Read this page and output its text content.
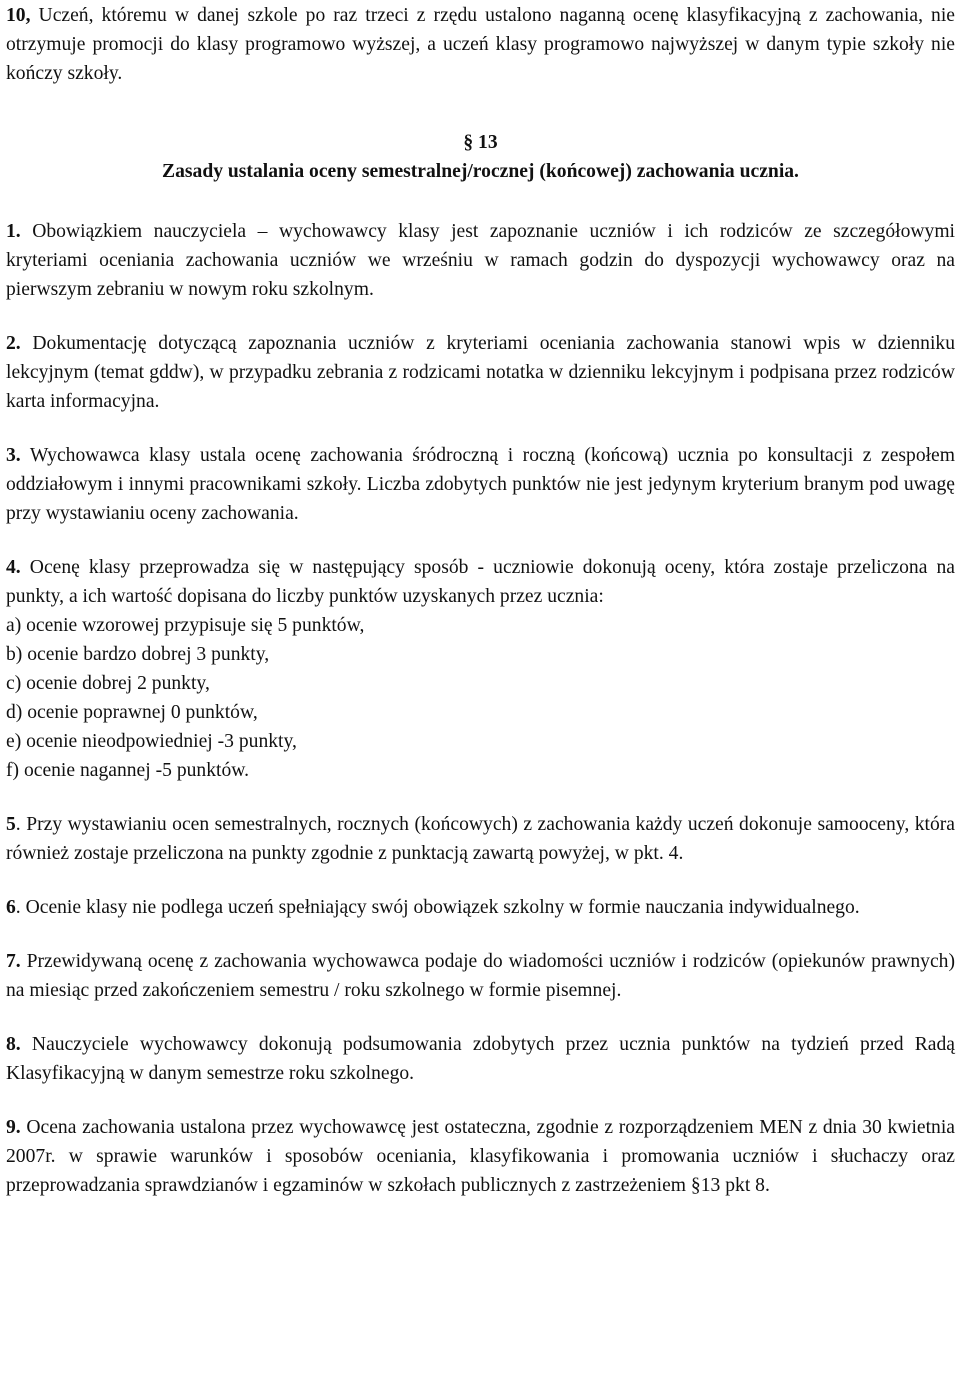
10, Uczeń, któremu w danej szkole po raz trzeci z rzędu ustalono naganną ocenę klasyfikacyjną z zachowania, nie otrzymuje promocji do klasy programowo wyższej, a uczeń klasy programowo najwyższej w danym typie szkoły nie kończy szkoły.

§ 13
Zasady ustalania oceny semestralnej/rocznej (końcowej) zachowania ucznia.

1. Obowiązkiem nauczyciela – wychowawcy klasy jest zapoznanie uczniów i ich rodziców ze szczegółowymi kryteriami oceniania zachowania uczniów we wrześniu w ramach godzin do dyspozycji wychowawcy oraz na pierwszym zebraniu w nowym roku szkolnym.

2. Dokumentację dotyczącą zapoznania uczniów z kryteriami oceniania zachowania stanowi wpis w dzienniku lekcyjnym (temat gddw), w przypadku zebrania z rodzicami notatka w dzienniku lekcyjnym i podpisana przez rodziców karta informacyjna.

3. Wychowawca klasy ustala ocenę zachowania śródroczną i roczną (końcową) ucznia po konsultacji z zespołem oddziałowym i innymi pracownikami szkoły. Liczba zdobytych punktów nie jest jedynym kryterium branym pod uwagę przy wystawianiu oceny zachowania.

4. Ocenę klasy przeprowadza się w następujący sposób - uczniowie dokonują oceny, która zostaje przeliczona na punkty, a ich wartość dopisana do liczby punktów uzyskanych przez ucznia:

a) ocenie wzorowej przypisuje się 5 punktów,
b) ocenie bardzo dobrej 3 punkty,
c) ocenie dobrej 2 punkty,
d) ocenie poprawnej 0 punktów,
e) ocenie nieodpowiedniej -3 punkty,
f) ocenie nagannej -5 punktów.

5. Przy wystawianiu ocen semestralnych, rocznych (końcowych) z zachowania każdy uczeń dokonuje samooceny, która również zostaje przeliczona na punkty zgodnie z punktacją zawartą powyżej, w pkt. 4.

6. Ocenie klasy nie podlega uczeń spełniający swój obowiązek szkolny w formie nauczania indywidualnego.

7. Przewidywaną ocenę z zachowania wychowawca podaje do wiadomości uczniów i rodziców (opiekunów prawnych) na miesiąc przed zakończeniem semestru / roku szkolnego w formie pisemnej.

8. Nauczyciele wychowawcy dokonują podsumowania zdobytych przez ucznia punktów na tydzień przed Radą Klasyfikacyjną w danym semestrze roku szkolnego.

9. Ocena zachowania ustalona przez wychowawcę jest ostateczna, zgodnie z rozporządzeniem MEN z dnia 30 kwietnia 2007r. w sprawie warunków i sposobów oceniania, klasyfikowania i promowania uczniów i słuchaczy oraz przeprowadzania sprawdzianów i egzaminów w szkołach publicznych z zastrzeżeniem §13 pkt 8.
